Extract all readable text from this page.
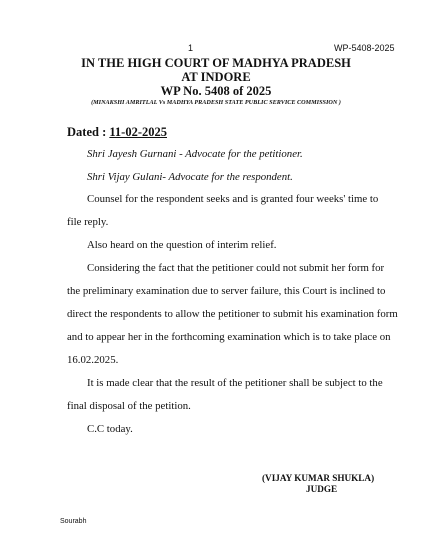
1	WP-5408-2025
IN THE HIGH COURT OF MADHYA PRADESH
AT INDORE
WP No. 5408 of 2025
(MINAKSHI AMRITLAL Vs MADHYA PRADESH STATE PUBLIC SERVICE COMMISSION )
Dated : 11-02-2025
Shri Jayesh Gurnani - Advocate for the petitioner.
Shri Vijay Gulani- Advocate for the respondent.
Counsel for the respondent seeks and is granted four weeks' time to
file reply.
Also heard on the question of interim relief.
Considering the fact that the petitioner could not submit her form for
the preliminary examination due to server failure, this Court is inclined to
direct the respondents to allow the petitioner to submit his examination form
and to appear her in the forthcoming examination which is to take place on
16.02.2025.
It is made clear that the result of the petitioner shall be subject to the
final disposal of the petition.
C.C today.
(VIJAY KUMAR SHUKLA)
JUDGE
Sourabh
